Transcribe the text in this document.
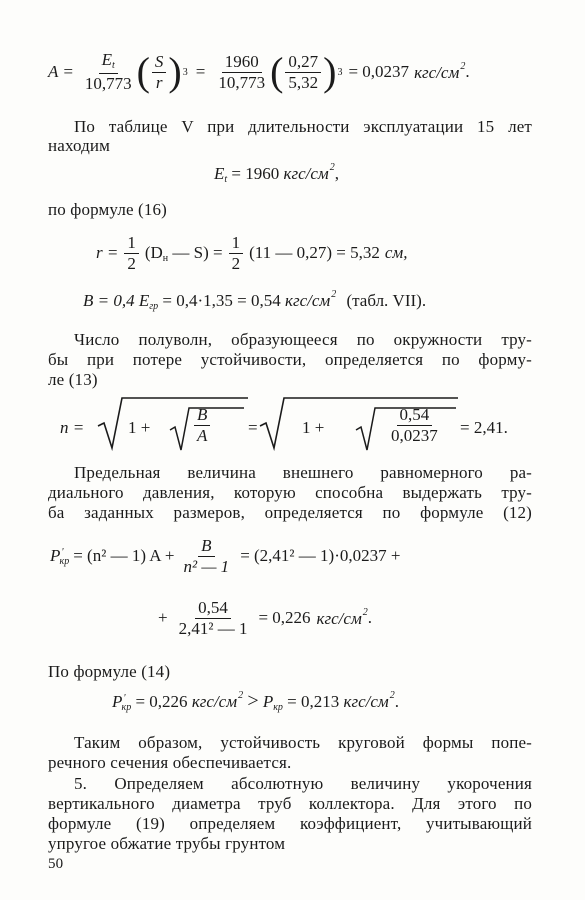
$A = \frac{E_t}{10,773}$ ( $\frac{S}{r}$ ) $3 = \frac{1960}{10,773}$ ( $\frac{0,27}{5,32}$ ) 3 = 0,0237 кгс/$см^2$ .
По таблице V при длительности эксплуатации 15 лет
находим
$E_t = 1960$ кгс/$см^2$,
по формуле (16)
$r = \frac{1}{2} (D_н$ — $S) = \frac{1}{2} (11$ — 0,27) = 5,32 см,
B = 0,4 $E_{гр} = 0,4\cdot 1,35 = 0,54$ кгс/$см^2$ (табл. VII).
Число полуволн, образующееся по окружности тру-
бы при потере устойчивости, определяется по форму-
ле (13)
n =	1 +	$\frac{B}{A}$ =	1 +	$\frac{0,54}{0,0237} = 2,41$.
Предельная величина внешнего равномерного ра-
диального давления, которую способна выдержать тру-
ба заданных размеров, определяется по формуле (12)
$P'_{кр} = (n^2$ — 1) $A + \frac{B}{\text{n² — 1}} = (2,41^2$ — 1)·0,0237 +
+ $\frac{0,54}{\text{2,41² — 1}} = 0,226$ кгс/$см^2$ .
По формуле (14)
$P'_{кр} = 0,226$ кгс/$см^2 > P_{кр} = 0,213$ кгс/$см^2$.
Таким образом, устойчивость круговой формы попе-
речного сечения обеспечивается.
5. Определяем абсолютную величину укорочения
вертикального диаметра труб коллектора. Для этого по
формуле (19) определяем коэффициент, учитывающий
упругое обжатие трубы грунтом
50
